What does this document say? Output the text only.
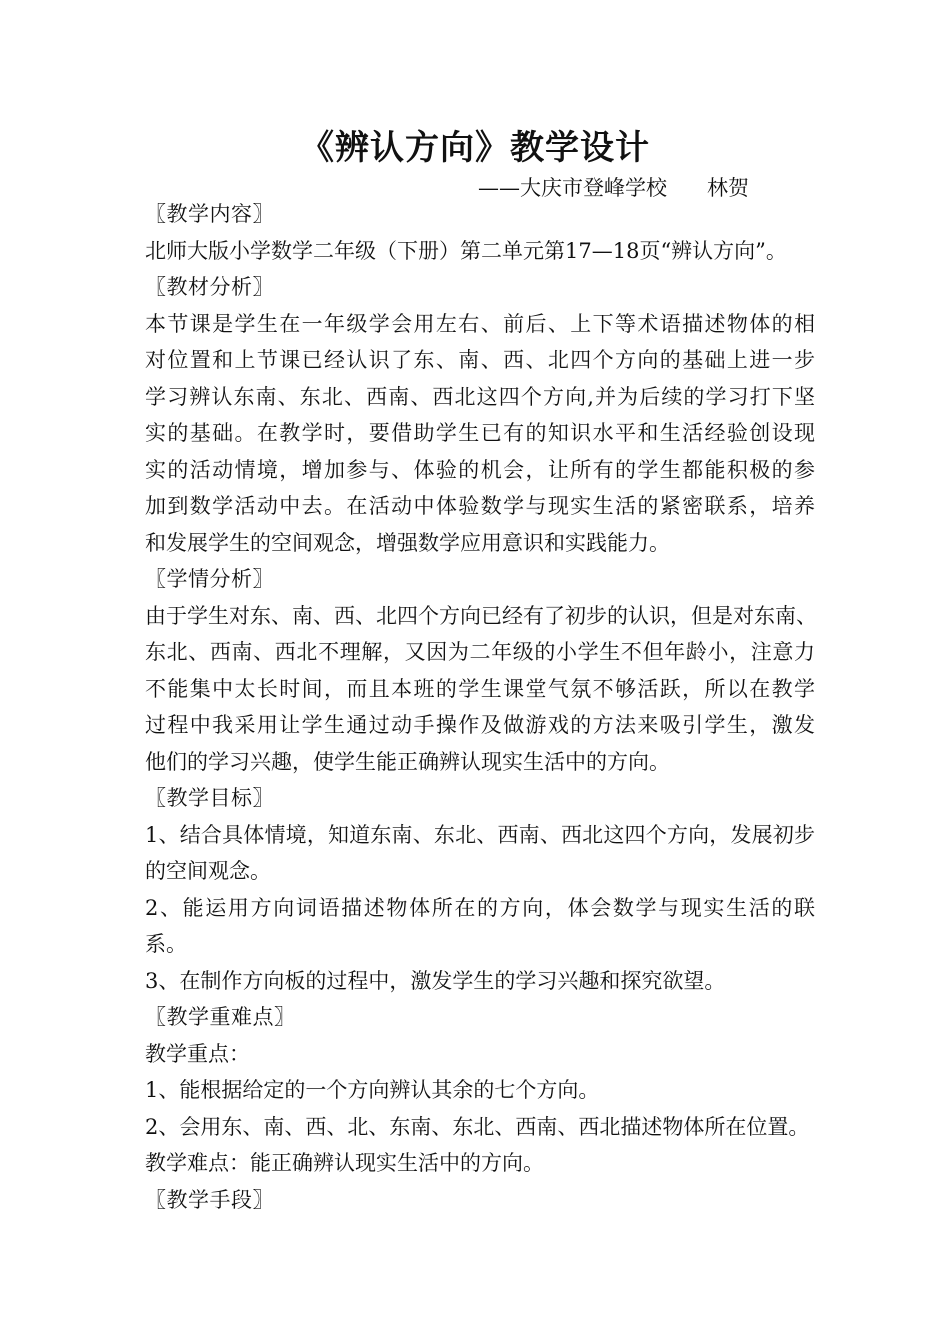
《辨认方向》教学设计
——大庆市登峰学校 林贺
〖教学内容〗
北师大版小学数学二年级（下册）第二单元第17—18页“辨认方向”。
〖教材分析〗
本节课是学生在一年级学会用左右、前后、上下等术语描述物体的相
对位置和上节课已经认识了东、南、西、北四个方向的基础上进一步
学习辨认东南、东北、西南、西北这四个方向,并为后续的学习打下坚
实的基础。在教学时，要借助学生已有的知识水平和生活经验创设现
实的活动情境，增加参与、体验的机会，让所有的学生都能积极的参
加到数学活动中去。在活动中体验数学与现实生活的紧密联系，培养
和发展学生的空间观念，增强数学应用意识和实践能力。
〖学情分析〗
由于学生对东、南、西、北四个方向已经有了初步的认识，但是对东南、
东北、西南、西北不理解，又因为二年级的小学生不但年龄小，注意力
不能集中太长时间，而且本班的学生课堂气氛不够活跃，所以在教学
过程中我采用让学生通过动手操作及做游戏的方法来吸引学生，激发
他们的学习兴趣，使学生能正确辨认现实生活中的方向。
〖教学目标〗
1、结合具体情境，知道东南、东北、西南、西北这四个方向，发展初步
的空间观念。
2、能运用方向词语描述物体所在的方向，体会数学与现实生活的联
系。
3、在制作方向板的过程中，激发学生的学习兴趣和探究欲望。
〖教学重难点〗
教学重点：
1、能根据给定的一个方向辨认其余的七个方向。
2、会用东、南、西、北、东南、东北、西南、西北描述物体所在位置。
教学难点：能正确辨认现实生活中的方向。
〖教学手段〗
